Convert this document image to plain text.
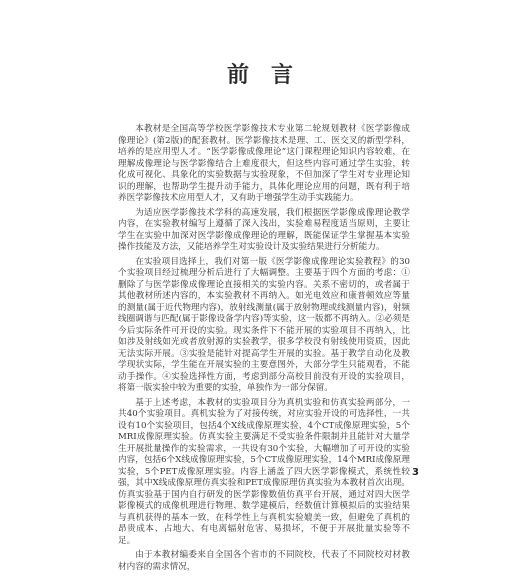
前言

本教材是全国高等学校医学影像技术专业第二轮规划教材《医学影像成像理论》(第2版)的配套教材。医学影像技术是理、工、医交叉的新型学科，培养的是应用型人才。“医学影像成像理论”这门课程理论知识内容较难，在理解成像理论与医学影像结合上难度很大，但这些内容可通过学生实验，转化成可视化、具象化的实验数据与实验现象，不但加深了学生对专业理论知识的理解，也帮助学生提升动手能力，具体化理论应用的问题，既有利于培养医学影像技术应用型人才，又有助于增强学生动手实践能力。

为适应医学影像技术学科的高速发展，我们根据医学影像成像理论教学内容，在实验教材编写上遵循了深入浅出，实验难易程度适当原则，主要让学生在实验中加深对医学影像成像理论的理解，既能保证学生掌握基本实验操作技能及方法，又能培养学生对实验设计及实验结果进行分析能力。

在实验项目选择上，我们对第一版《医学影像成像理论实验教程》的30个实验项目经过梳理分析后进行了大幅调整。主要基于四个方面的考虑：①删除了与医学影像成像理论直接相关的实验内容。关系不密切的，或者属于其他教材所述内容的，本实验教材不再纳入。如光电效应和康普顿效应等量的测量(属于近代物理内容)，放射线测量(属于放射物理或线测量内容)，射频线圈调谐与匹配(属于影像设备学内容)等实验，这一版都不再纳入。②必须是今后实际条件可开设的实验。现实条件下不能开展的实验项目不再纳入，比如涉及射线如光或者放射源的实验教学，很多学校没有射线使用资质，因此无法实际开展。③实验是能针对提高学生开展的实验。基于教学自动化及教学现状实际，学生能在开展实验的主要意图外，大部分学生只能观看，不能动手操作。④实验选择性方面，考虑到部分高校目前没有开设的实验项目，将第一版实验中较为重要的实验，单独作为一部分保留。

基于上述考虑，本教材的实验项目分为真机实验和仿真实验两部分，一共40个实验项目。真机实验为了对接传统，对应实验开设的可选择性，一共设有10个实验项目，包括4个X线成像原理实验，4个CT成像原理实验，5个MRI成像原理实验。仿真实验主要满足不受实验条件限制并且能针对大量学生开展批量操作的实验需求，一共设有30个实验，大幅增加了可开设的实验内容，包括6个X线成像原理实验，5个CT成像原理实验，14个MRI成像原理实验，5个PET成像原理实验。内容上涵盖了四大医学影像模式，系统性较强，其中X线成像原理仿真实验和PET成像原理仿真实验为本教材首次出现。仿真实验基于国内自行研发的医学影像数值仿真平台开展，通过对四大医学影像模式的成像机理进行物理、数学建模后，经数值计算模拟后的实验结果与真机获得的基本一致，在科学性上与真机实验媲美一致，但避免了真机的昂贵成本、占地大、有电离辐射危害、易损坏，不便于开展批量实验等不足。

由于本教材编委来自全国各个省市的不同院校，代表了不同院校对材教材内容的需求情况，

3
